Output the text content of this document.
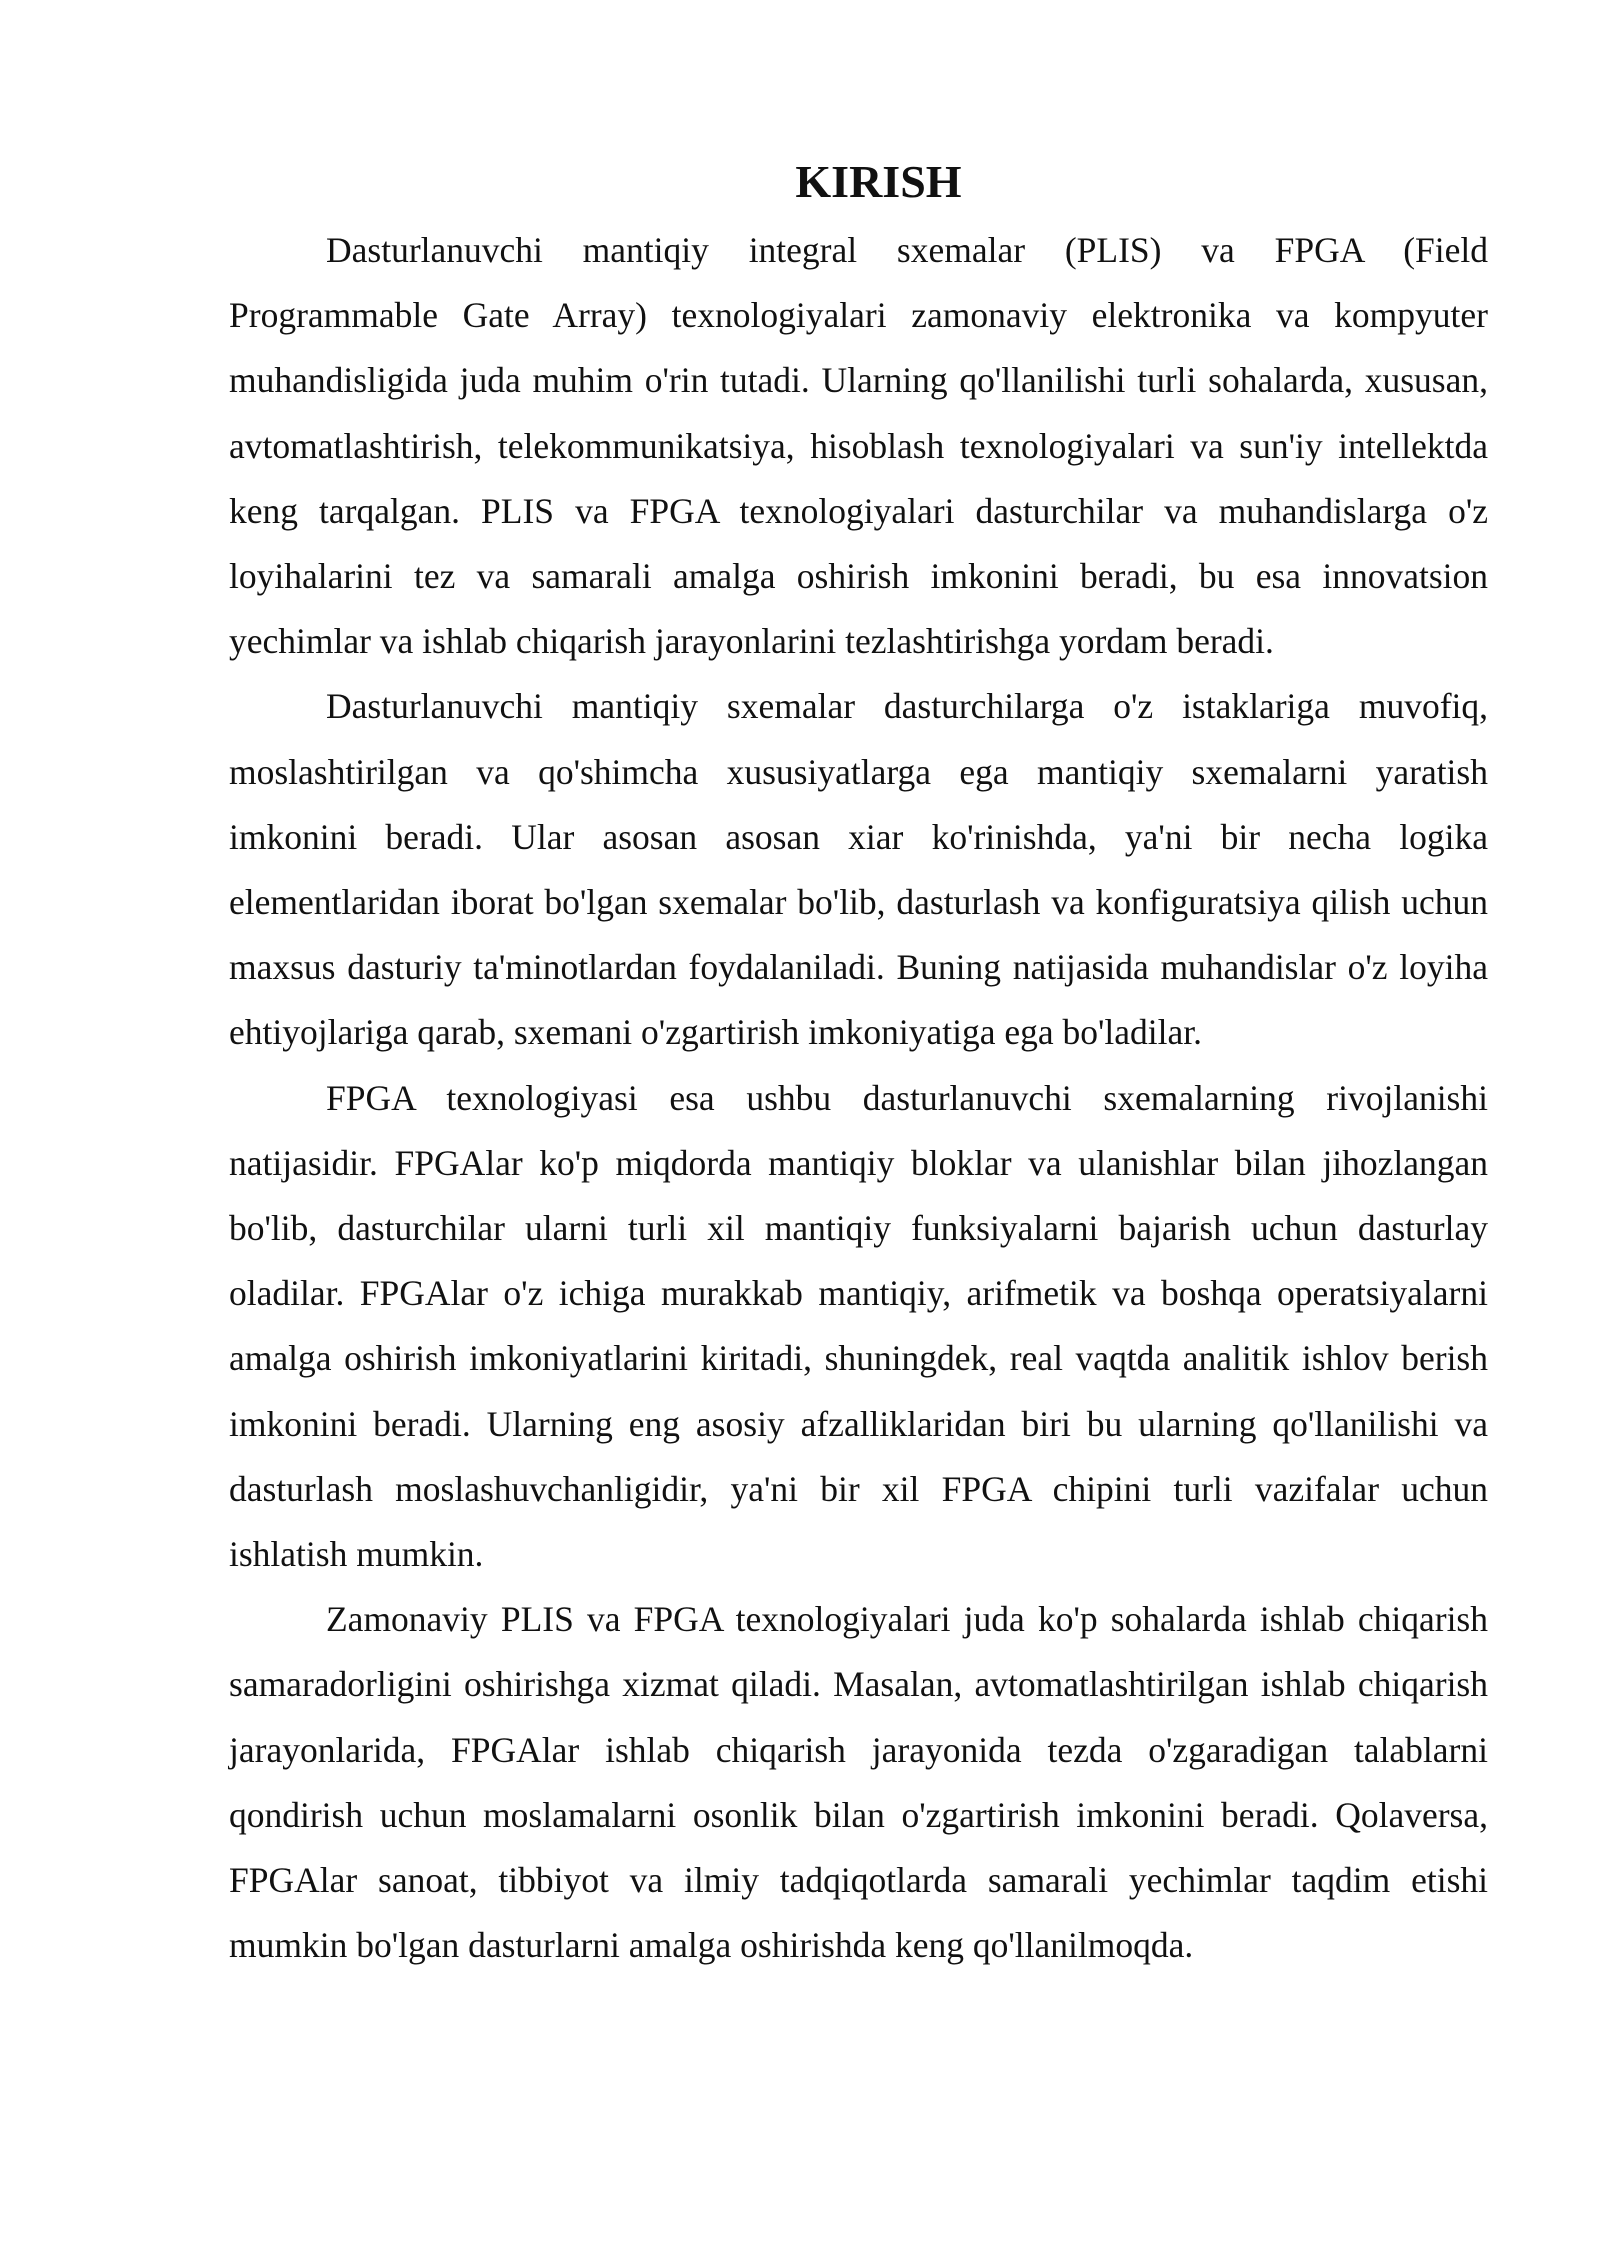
KIRISH

Dasturlanuvchi mantiqiy integral sxemalar (PLIS) va FPGA (Field Programmable Gate Array) texnologiyalari zamonaviy elektronika va kompyuter muhandisligida juda muhim o'rin tutadi. Ularning qo'llanilishi turli sohalarda, xususan, avtomatlashtirish, telekommunikatsiya, hisoblash texnologiyalari va sun'iy intellektda keng tarqalgan. PLIS va FPGA texnologiyalari dasturchilar va muhandislarga o'z loyihalarini tez va samarali amalga oshirish imkonini beradi, bu esa innovatsion yechimlar va ishlab chiqarish jarayonlarini tezlashtirishga yordam beradi.

Dasturlanuvchi mantiqiy sxemalar dasturchilarga o'z istaklariga muvofiq, moslashtirilgan va qo'shimcha xususiyatlarga ega mantiqiy sxemalarni yaratish imkonini beradi. Ular asosan asosan xiar ko'rinishda, ya'ni bir necha logika elementlaridan iborat bo'lgan sxemalar bo'lib, dasturlash va konfiguratsiya qilish uchun maxsus dasturiy ta'minotlardan foydalaniladi. Buning natijasida muhandislar o'z loyiha ehtiyojlariga qarab, sxemani o'zgartirish imkoniyatiga ega bo'ladilar.

FPGA texnologiyasi esa ushbu dasturlanuvchi sxemalarning rivojlanishi natijasidir. FPGAlar ko'p miqdorda mantiqiy bloklar va ulanishlar bilan jihozlangan bo'lib, dasturchilar ularni turli xil mantiqiy funksiyalarni bajarish uchun dasturlay oladilar. FPGAlar o'z ichiga murakkab mantiqiy, arifmetik va boshqa operatsiyalarni amalga oshirish imkoniyatlarini kiritadi, shuningdek, real vaqtda analitik ishlov berish imkonini beradi. Ularning eng asosiy afzalliklaridan biri bu ularning qo'llanilishi va dasturlash moslashuvchanligidir, ya'ni bir xil FPGA chipini turli vazifalar uchun ishlatish mumkin.

Zamonaviy PLIS va FPGA texnologiyalari juda ko'p sohalarda ishlab chiqarish samaradorligini oshirishga xizmat qiladi. Masalan, avtomatlashtirilgan ishlab chiqarish jarayonlarida, FPGAlar ishlab chiqarish jarayonida tezda o'zgaradigan talablarni qondirish uchun moslamalarni osonlik bilan o'zgartirish imkonini beradi. Qolaversa, FPGAlar sanoat, tibbiyot va ilmiy tadqiqotlarda samarali yechimlar taqdim etishi mumkin bo'lgan dasturlarni amalga oshirishda keng qo'llanilmoqda.
